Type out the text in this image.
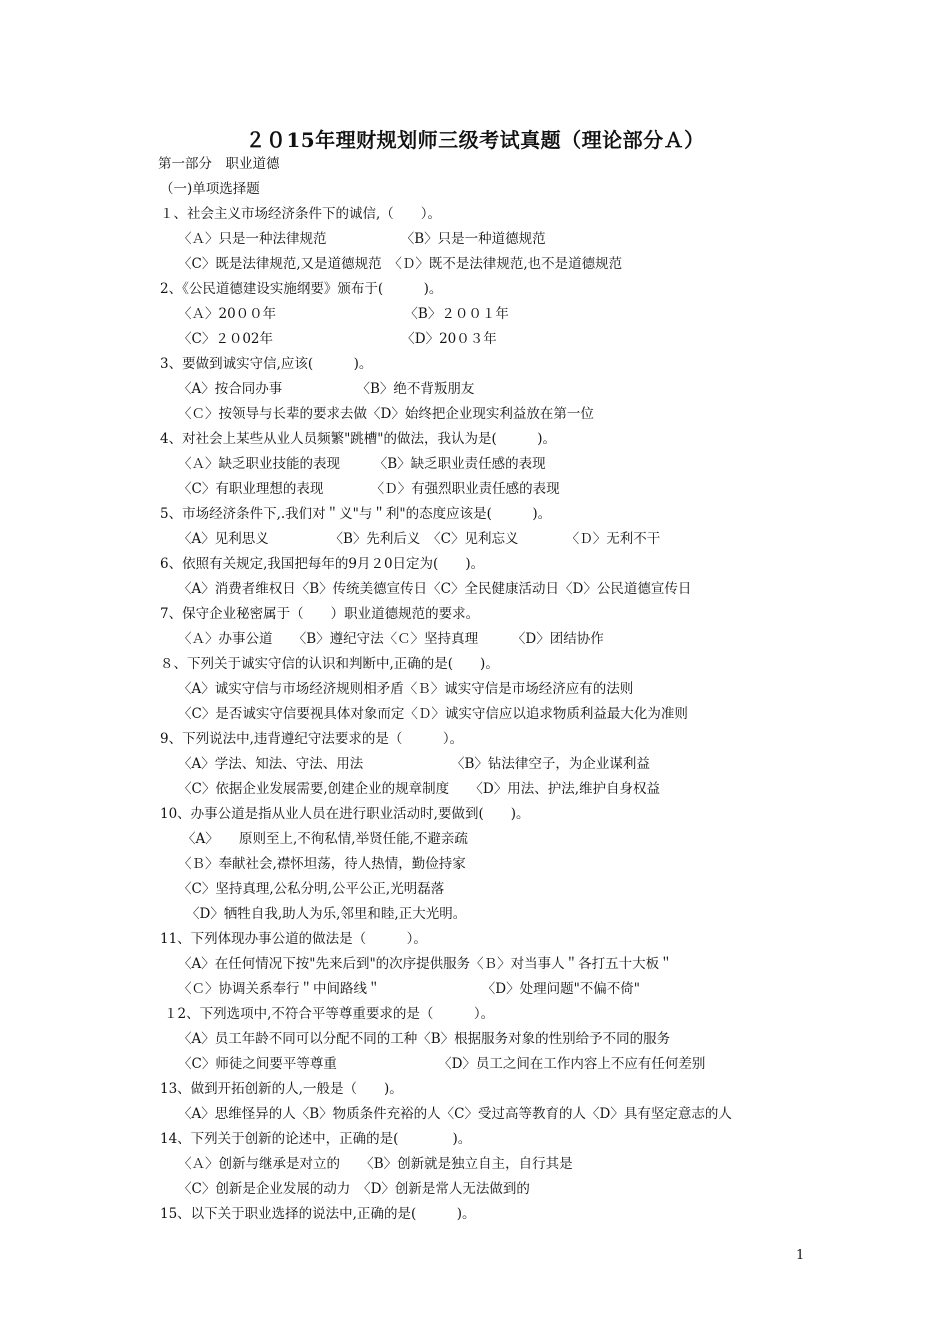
２０15年理财规划师三级考试真题（理论部分Ａ）
第一部分　职业道德
（一)单项选择题
１、社会主义市场经济条件下的诚信,（　　）。
〈Ａ〉只是一种法律规范　　　　　　〈B〉只是一种道德规范
〈C〉既是法律规范,又是道德规范　〈Ｄ〉既不是法律规范,也不是道德规范
2、《公民道德建设实施纲要》颁布于(　　　)。
〈Ａ〉20００年　　　　　　　　　　〈B〉２００１年
〈C〉２０02年　　　　　　　　　　〈D〉20０３年
3、要做到诚实守信,应该(　　　)。
〈A〉按合同办事　　　　　　〈B〉绝不背叛朋友
〈Ｃ〉按领导与长辈的要求去做〈D〉始终把企业现实利益放在第一位
4、对社会上某些从业人员频繁"跳槽"的做法，我认为是(　　　)。
〈Ａ〉缺乏职业技能的表现　　　〈B〉缺乏职业责任感的表现
〈C〉有职业理想的表现　　　　〈Ｄ〉有强烈职业责任感的表现
5、市场经济条件下,.我们对＂义"与＂利"的态度应该是(　　　)。
〈A〉见利思义　　　　　〈B〉先利后义　〈C〉见利忘义　　　　〈Ｄ〉无利不干
6、依照有关规定,我国把每年的9月２0日定为(　　)。
〈A〉消费者维权日〈B〉传统美德宣传日〈C〉全民健康活动日〈D〉公民道德宣传日
7、保守企业秘密属于（　　）职业道德规范的要求。
〈Ａ〉办事公道　　〈B〉遵纪守法〈Ｃ〉坚持真理　　　〈D〉团结协作
８、下列关于诚实守信的认识和判断中,正确的是(　　)。
〈A〉诚实守信与市场经济规则相矛盾〈Ｂ〉诚实守信是市场经济应有的法则
〈C〉是否诚实守信要视具体对象而定〈Ｄ〉诚实守信应以追求物质利益最大化为准则
9、下列说法中,违背遵纪守法要求的是（　　　）。
〈A〉学法、知法、守法、用法　　　　　　　〈B〉钻法律空子，为企业谋利益
〈C〉依据企业发展需要,创建企业的规章制度　　〈D〉用法、护法,维护自身权益
10、办事公道是指从业人员在进行职业活动时,要做到(　　)。
〈A〉　　原则至上,不徇私情,举贤任能,不避亲疏
〈Ｂ〉奉献社会,襟怀坦荡，待人热情，勤俭持家
〈C〉坚持真理,公私分明,公平公正,光明磊落
〈D〉牺牲自我,助人为乐,邻里和睦,正大光明｡
11、下列体现办事公道的做法是（　　　）。
〈A〉在任何情况下按"先来后到"的次序提供服务〈Ｂ〉对当事人＂各打五十大板＂
〈Ｃ〉协调关系奉行＂中间路线＂　　　　　　　　〈D〉处理问题"不偏不倚"
１2、下列选项中,不符合平等尊重要求的是（　　　）。
〈A〉员工年龄不同可以分配不同的工种〈B〉根据服务对象的性别给予不同的服务
〈C〉师徒之间要平等尊重　　　　　　　　〈D〉员工之间在工作内容上不应有任何差别
13、做到开拓创新的人,一般是（　　)。
〈A〉思维怪异的人〈B〉物质条件充裕的人〈C〉受过高等教育的人〈D〉具有坚定意志的人
14、下列关于创新的论述中，正确的是(　　　　)。
〈Ａ〉创新与继承是对立的　　〈B〉创新就是独立自主，自行其是
〈C〉创新是企业发展的动力　〈D〉创新是常人无法做到的
15、以下关于职业选择的说法中,正确的是(　　　)。
1
